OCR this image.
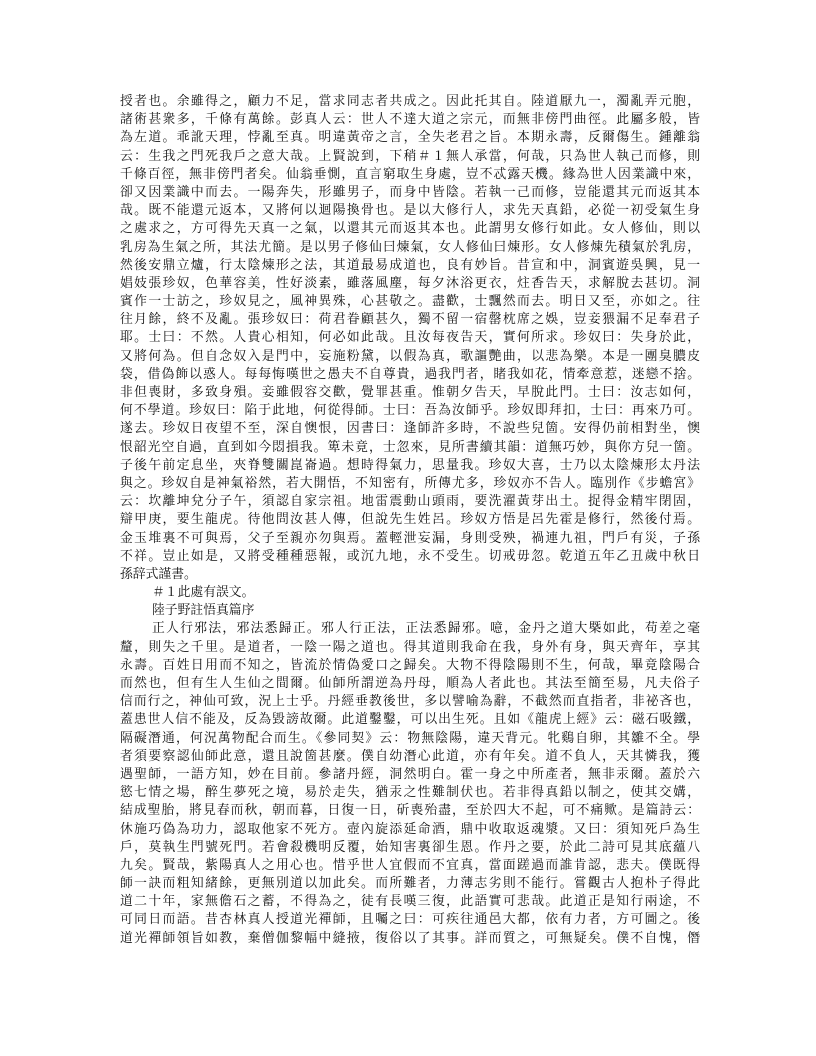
授者也。余雖得之，顧力不足，當求同志者共成之。因此托其自。陸道厭九一，濁亂弄元胞，
諸術甚衆多，千條有萬餘。彭真人云：世人不達大道之宗元，而無非傍門曲徑。此屬多般，皆
為左道。乖訛天理，悖亂至真。明違黃帝之言，全失老君之旨。本期永壽，反爾傷生。鍾離翁
云：生我之門死我戶之意大哉。上賢說到，下稍＃１無人承當，何哉，只為世人執己而修，則
千條百徑，無非傍門者矣。仙翁垂惻，直言窮取生身處，豈不忒露天機。緣為世人因業識中來，
卻又因業識中而去。一陽奔失，形雖男子，而身中皆陰。若執一己而修，豈能還其元而返其本
哉。既不能還元返本，又將何以迴陽換骨也。是以大修行人，求先天真鉛，必從一初受氣生身
之處求之，方可得先天真一之氣，以還其元而返其本也。此謂男女修行如此。女人修仙，則以
乳房為生氣之所，其法尤簡。是以男子修仙曰煉氣，女人修仙曰煉形。女人修煉先積氣於乳房，
然後安鼎立爐，行太陰煉形之法，其道最易成道也，良有妙旨。昔宣和中，洞賓遊吳興，見一
娼妓張珍奴，色華容美，性好淡素，雖落風塵，每夕沐浴更衣，炷香告天，求解脫去甚切。洞
賓作一士訪之，珍奴見之，風神異殊，心甚敬之。盡歡，士飄然而去。明日又至，亦如之。往
往月餘，終不及亂。張珍奴曰：荷君眷顧甚久，獨不留一宿罄枕席之娛，豈妾猥漏不足奉君子
耶。士曰：不然。人貴心相知，何必如此哉。且汝每夜告天，實何所求。珍奴曰：失身於此，
又將何為。但自念奴入是門中，妄施粉黛，以假為真，歌謳艷曲，以悲為樂。本是一團臭膿皮
袋，借偽飾以惑人。每每悔嘆世之愚夫不自尊貴，過我門者，睹我如花，情牽意惹，迷戀不捨。
非但喪財，多致身殞。妾雖假容交歡，覺罪甚重。惟朝夕告天，早脫此門。士曰：汝志如何，
何不學道。珍奴曰：陷于此地，何從得師。士曰：吾為汝師乎。珍奴即拜扣，士曰：再來乃可。
遂去。珍奴日夜望不至，深自懊恨，因書曰：逢師許多時，不說些兒箇。安得仍前相對坐，懊
恨韶光空自過，直到如今悶損我。箄未竟，士忽來，見所書續其韻：道無巧妙，與你方兒一箇。
子後午前定息坐，夾脊雙關崑崙過。想時得氣力，思量我。珍奴大喜，士乃以太陰煉形太丹法
與之。珍奴自是神氣裕然，若大開悟，不知密有，所傳尤多，珍奴亦不告人。臨別作《步蟾宮》
云：坎離坤兌分子午，須認自家宗祖。地雷震動山頭雨，要洗濯黃芽出土。捉得金精牢閉固，
辯甲庚，要生龍虎。待他問汝甚人傳，但說先生姓呂。珍奴方悟是呂先霍是修行，然後付焉。
金玉堆裏不可與焉，父子至親亦勿與焉。蓋輕泄妄漏，身則受殃，禍連九祖，門戶有災，子孫
不祥。豈止如是，又將受種種惡報，或沉九地，永不受生。切戒毋忽。乾道五年乙丑歲中秋日
孫辞式謹書。
＃１此處有誤文。
陸子野註悟真篇序
正人行邪法，邪法悉歸正。邪人行正法，正法悉歸邪。噫，金丹之道大槩如此，苟差之毫
釐，則失之千里。是道者，一陰一陽之道也。得其道則我命在我，身外有身，與天齊年，享其
永壽。百姓日用而不知之，皆流於情偽愛口之歸矣。大物不得陰陽則不生，何哉，畢竟陰陽合
而然也，但有生人生仙之間爾。仙師所謂逆為丹母，順為人者此也。其法至簡至易，凡夫俗子
信而行之，神仙可致，況上士乎。丹經垂教後世，多以譬喻為辭，不截然而直指者，非祕吝也，
蓋患世人信不能及，反為毀謗故爾。此道鑿鑿，可以出生死。且如《龍虎上經》云：磁石吸鐵，
隔礙潛通，何況萬物配合而生。《參同契》云：物無陰陽，違天背元。牝鷄自卵，其雛不全。學
者須要察認仙師此意，還且說箇甚麼。僕自幼潛心此道，亦有年矣。道不負人，天其憐我，獲
遇聖師，一語方知，妙在目前。參諸丹經，洞然明白。霍一身之中所產者，無非汞爾。蓋於六
慾七情之場，醉生夢死之境，易於走失，猶汞之性難制伏也。若非得真鉛以制之，使其交媾，
結成聖胎，將見春而秋，朝而暮，日復一日，斫喪殆盡，至於四大不起，可不痛歟。是篇詩云：
休施巧偽為功力，認取他家不死方。壺內旋添延命酒，鼎中收取返魂漿。又曰：須知死戶為生
戶，莫執生門號死門。若會殺機明反覆，始知害裏卻生恩。作丹之要，於此二詩可見其底蘊八
九矣。賢哉，紫陽真人之用心也。惜乎世人宜假而不宜真，當面蹉過而誰肯認，悲夫。僕既得
師一訣而粗知緒餘，更無別道以加此矣。而所難者，力薄志劣則不能行。嘗觀古人抱朴子得此
道二十年，家無儋石之蓄，不得為之，徒有長嘆三復，此語實可悲哉。此道正是知行兩途，不
可同日而語。昔杏林真人授道光禪師，且囑之曰：可疾往通邑大都，依有力者，方可圖之。後
道光禪師領旨如教，棄僧伽黎幅中縫掖，復俗以了其事。詳而質之，可無疑矣。僕不自愧，僭
